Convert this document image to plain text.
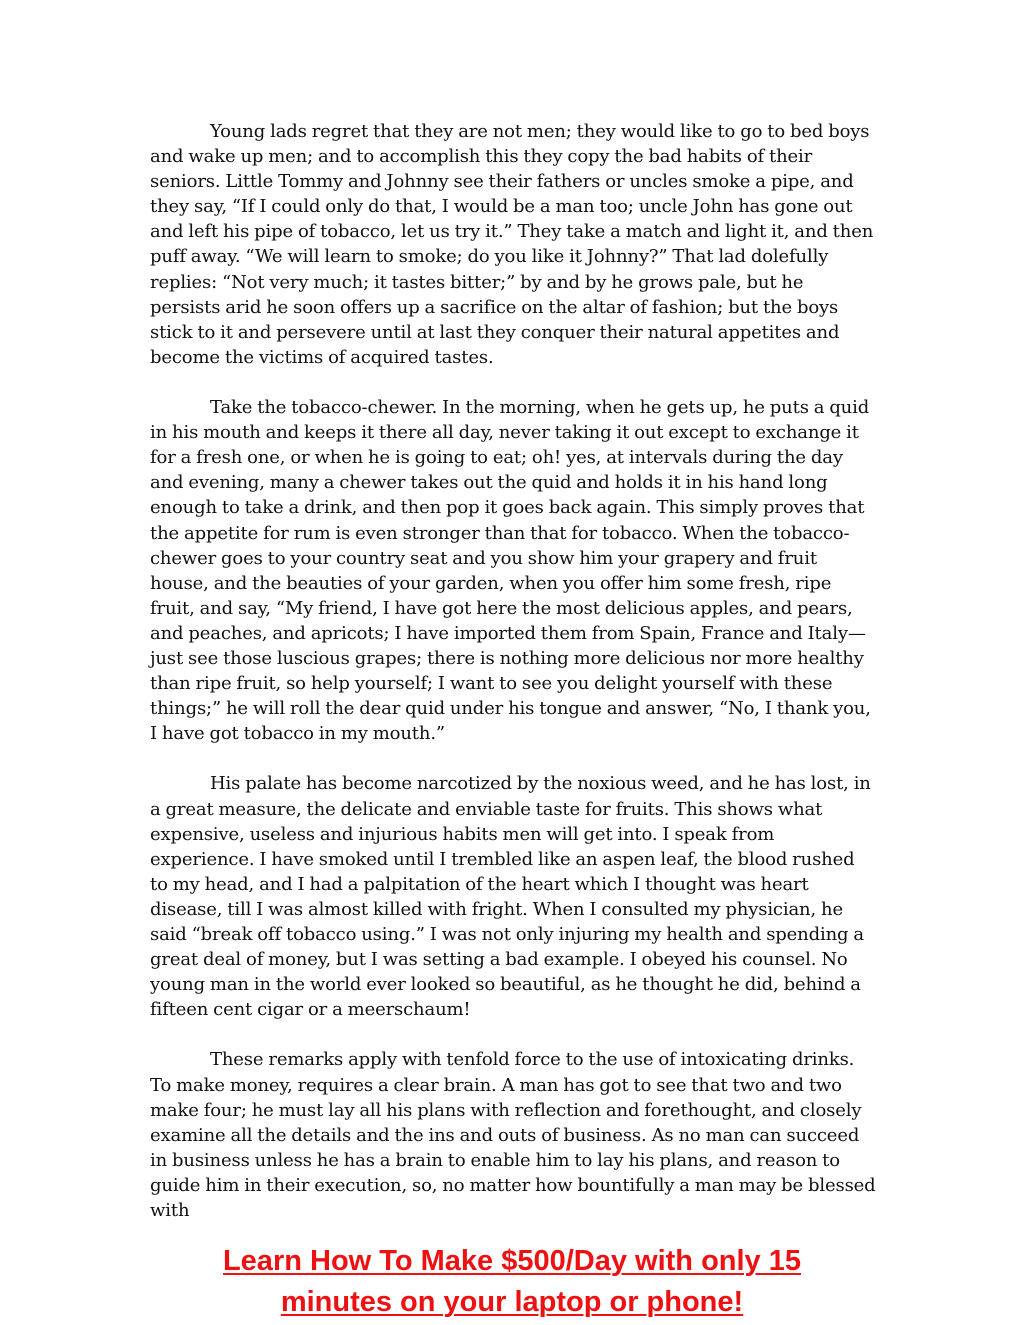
Young lads regret that they are not men; they would like to go to bed boys and wake up men; and to accomplish this they copy the bad habits of their seniors. Little Tommy and Johnny see their fathers or uncles smoke a pipe, and they say, “If I could only do that, I would be a man too; uncle John has gone out and left his pipe of tobacco, let us try it.” They take a match and light it, and then puff away. “We will learn to smoke; do you like it Johnny?” That lad dolefully replies: “Not very much; it tastes bitter;” by and by he grows pale, but he persists arid he soon offers up a sacrifice on the altar of fashion; but the boys stick to it and persevere until at last they conquer their natural appetites and become the victims of acquired tastes.

Take the tobacco-chewer. In the morning, when he gets up, he puts a quid in his mouth and keeps it there all day, never taking it out except to exchange it for a fresh one, or when he is going to eat; oh! yes, at intervals during the day and evening, many a chewer takes out the quid and holds it in his hand long enough to take a drink, and then pop it goes back again. This simply proves that the appetite for rum is even stronger than that for tobacco. When the tobacco-chewer goes to your country seat and you show him your grapery and fruit house, and the beauties of your garden, when you offer him some fresh, ripe fruit, and say, “My friend, I have got here the most delicious apples, and pears, and peaches, and apricots; I have imported them from Spain, France and Italy—just see those luscious grapes; there is nothing more delicious nor more healthy than ripe fruit, so help yourself; I want to see you delight yourself with these things;” he will roll the dear quid under his tongue and answer, “No, I thank you, I have got tobacco in my mouth.”

His palate has become narcotized by the noxious weed, and he has lost, in a great measure, the delicate and enviable taste for fruits. This shows what expensive, useless and injurious habits men will get into. I speak from experience. I have smoked until I trembled like an aspen leaf, the blood rushed to my head, and I had a palpitation of the heart which I thought was heart disease, till I was almost killed with fright. When I consulted my physician, he said “break off tobacco using.” I was not only injuring my health and spending a great deal of money, but I was setting a bad example. I obeyed his counsel. No young man in the world ever looked so beautiful, as he thought he did, behind a fifteen cent cigar or a meerschaum!

These remarks apply with tenfold force to the use of intoxicating drinks. To make money, requires a clear brain. A man has got to see that two and two make four; he must lay all his plans with reflection and forethought, and closely examine all the details and the ins and outs of business. As no man can succeed in business unless he has a brain to enable him to lay his plans, and reason to guide him in their execution, so, no matter how bountifully a man may be blessed with

Learn How To Make $500/Day with only 15
minutes on your laptop or phone!
